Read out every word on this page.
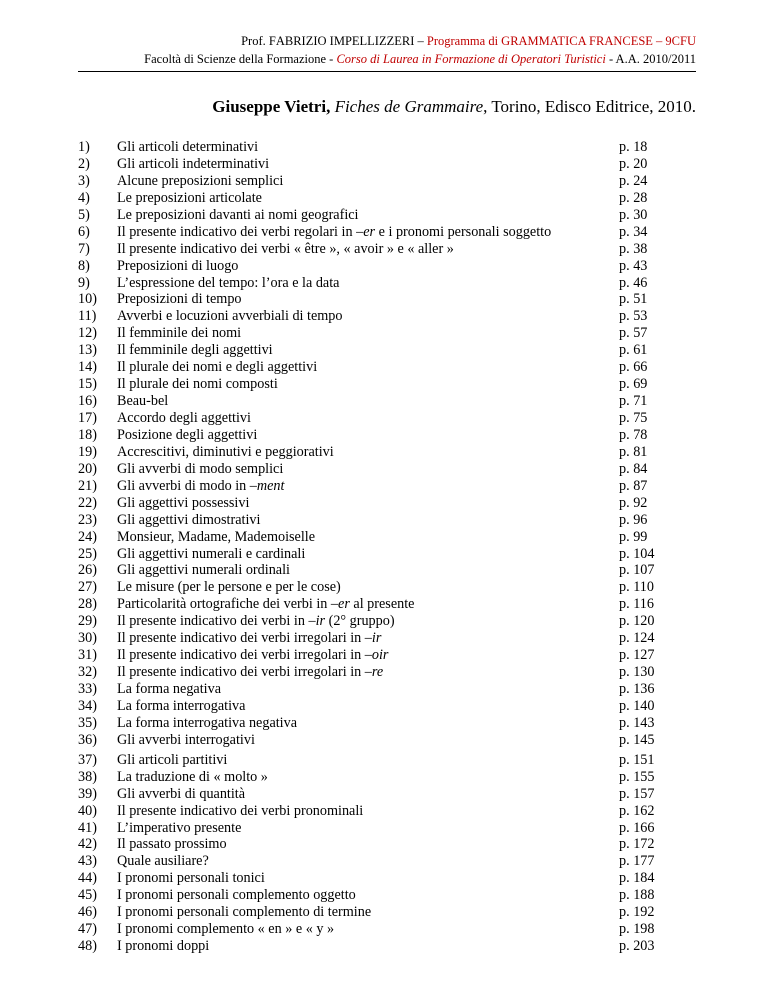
Prof. FABRIZIO IMPELLIZZERI – Programma di GRAMMATICA FRANCESE – 9CFU
Facoltà di Scienze della Formazione - Corso di Laurea in Formazione di Operatori Turistici - A.A. 2010/2011
Giuseppe Vietri, Fiches de Grammaire, Torino, Edisco Editrice, 2010.
1)	Gli articoli determinativi	p. 18
2)	Gli articoli indeterminativi	p. 20
3)	Alcune preposizioni semplici	p. 24
4)	Le preposizioni articolate	p. 28
5)	Le preposizioni davanti ai nomi geografici	p. 30
6)	Il presente indicativo dei verbi regolari in –er e i pronomi personali soggetto	p. 34
7)	Il presente indicativo dei verbi « être », « avoir » e « aller »	p. 38
8)	Preposizioni di luogo	p. 43
9)	L’espressione del tempo: l’ora e la data	p. 46
10)	Preposizioni di tempo	p. 51
11)	Avverbi e locuzioni avverbiali di tempo	p. 53
12)	Il femminile dei nomi	p. 57
13)	Il femminile degli aggettivi	p. 61
14)	Il plurale dei nomi e degli aggettivi	p. 66
15)	Il plurale dei nomi composti	p. 69
16)	Beau-bel	p. 71
17)	Accordo degli aggettivi	p. 75
18)	Posizione degli aggettivi	p. 78
19)	Accrescitivi, diminutivi e peggiorativi	p. 81
20)	Gli avverbi di modo semplici	p. 84
21)	Gli avverbi di modo in –ment	p. 87
22)	Gli aggettivi possessivi	p. 92
23)	Gli aggettivi dimostrativi	p. 96
24)	Monsieur, Madame, Mademoiselle	p. 99
25)	Gli aggettivi numerali e cardinali	p. 104
26)	Gli aggettivi numerali ordinali	p. 107
27)	Le misure (per le persone e per le cose)	p. 110
28)	Particolarità ortografiche dei verbi in –er al presente	p. 116
29)	Il presente indicativo dei verbi in –ir (2° gruppo)	p. 120
30)	Il presente indicativo dei verbi irregolari in –ir	p. 124
31)	Il presente indicativo dei verbi irregolari in –oir	p. 127
32)	Il presente indicativo dei verbi irregolari in –re	p. 130
33)	La forma negativa	p. 136
34)	La forma interrogativa	p. 140
35)	La forma interrogativa negativa	p. 143
36)	Gli avverbi interrogativi	p. 145
37)	Gli articoli partitivi	p. 151
38)	La traduzione di « molto »	p. 155
39)	Gli avverbi di quantità	p. 157
40)	Il presente indicativo dei verbi pronominali	p. 162
41)	L’imperativo presente	p. 166
42)	Il passato prossimo	p. 172
43)	Quale ausiliare?	p. 177
44)	I pronomi personali tonici	p. 184
45)	I pronomi personali complemento oggetto	p. 188
46)	I pronomi personali complemento di termine	p. 192
47)	I pronomi complemento « en » e « y »	p. 198
48)	I pronomi doppi	p. 203
